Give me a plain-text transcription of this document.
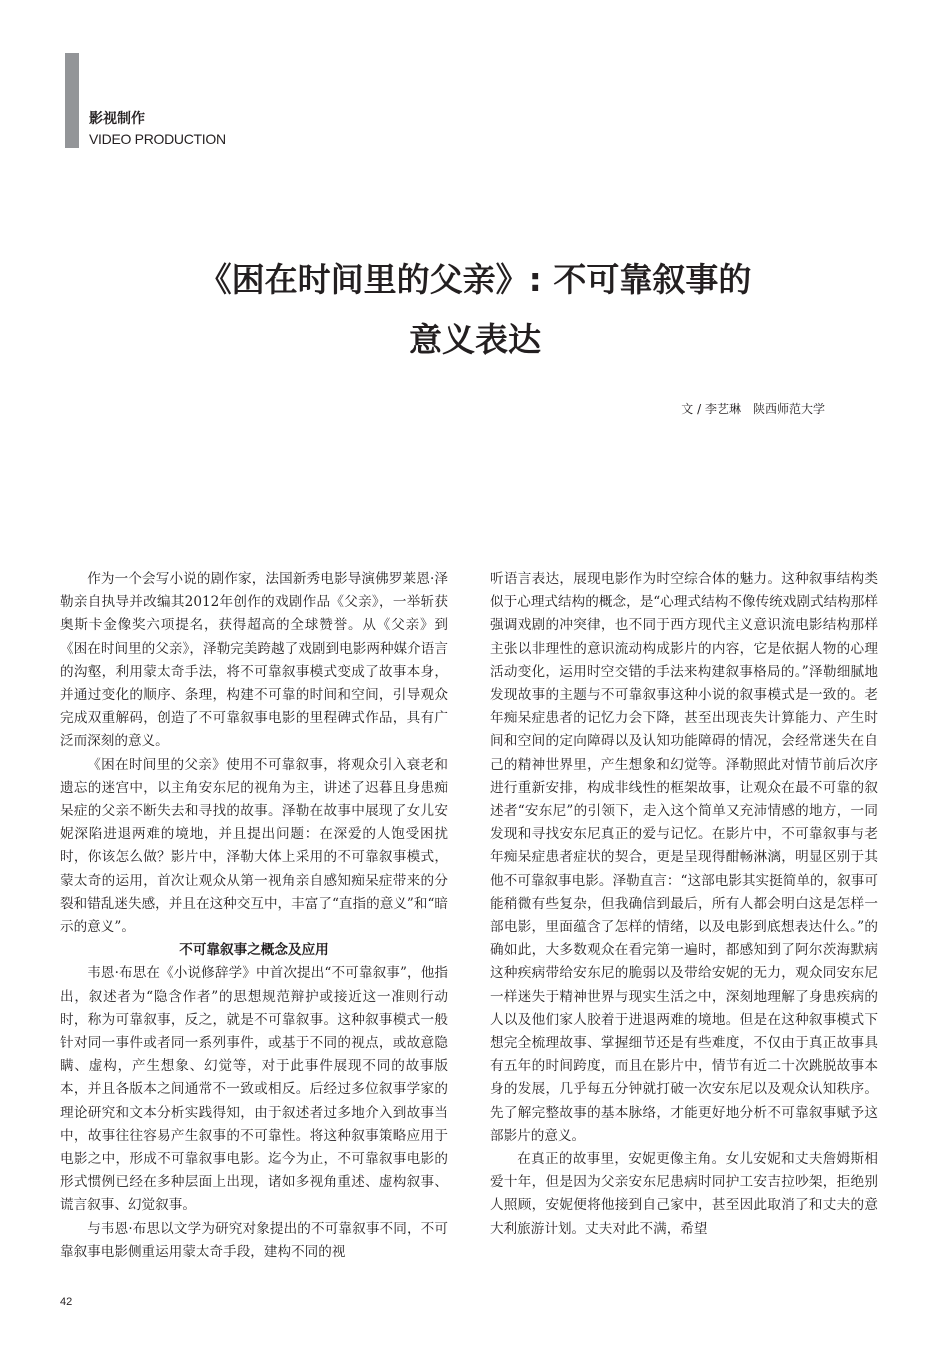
影视制作
VIDEO PRODUCTION
《困在时间里的父亲》: 不可靠叙事的
意义表达
文 / 李艺琳 陕西师范大学

作为一个会写小说的剧作家，法国新秀电影导演佛罗莱恩·泽勒亲自执导并改编其2012年创作的戏剧作品《父亲》，一举斩获奥斯卡金像奖六项提名，获得超高的全球赞誉。从《父亲》到《困在时间里的父亲》，泽勒完美跨越了戏剧到电影两种媒介语言的沟壑，利用蒙太奇手法，将不可靠叙事模式变成了故事本身，并通过变化的顺序、条理，构建不可靠的时间和空间，引导观众完成双重解码，创造了不可靠叙事电影的里程碑式作品，具有广泛而深刻的意义。

《困在时间里的父亲》使用不可靠叙事，将观众引入衰老和遗忘的迷宫中，以主角安东尼的视角为主，讲述了迟暮且身患痴呆症的父亲不断失去和寻找的故事。泽勒在故事中展现了女儿安妮深陷进退两难的境地，并且提出问题：在深爱的人饱受困扰时，你该怎么做？影片中，泽勒大体上采用的不可靠叙事模式，蒙太奇的运用，首次让观众从第一视角亲自感知痴呆症带来的分裂和错乱迷失感，并且在这种交互中，丰富了“直指的意义”和“暗示的意义”。

不可靠叙事之概念及应用

韦恩·布思在《小说修辞学》中首次提出“不可靠叙事”，他指出，叙述者为“隐含作者”的思想规范辩护或接近这一准则行动时，称为可靠叙事，反之，就是不可靠叙事。这种叙事模式一般针对同一事件或者同一系列事件，或基于不同的视点，或故意隐瞒、虚构，产生想象、幻觉等，对于此事件展现不同的故事版本，并且各版本之间通常不一致或相反。后经过多位叙事学家的理论研究和文本分析实践得知，由于叙述者过多地介入到故事当中，故事往往容易产生叙事的不可靠性。将这种叙事策略应用于电影之中，形成不可靠叙事电影。迄今为止，不可靠叙事电影的形式惯例已经在多种层面上出现，诸如多视角重述、虚构叙事、谎言叙事、幻觉叙事。

与韦恩·布思以文学为研究对象提出的不可靠叙事不同，不可靠叙事电影侧重运用蒙太奇手段，建构不同的视

听语言表达，展现电影作为时空综合体的魅力。这种叙事结构类似于心理式结构的概念，是“心理式结构不像传统戏剧式结构那样强调戏剧的冲突律，也不同于西方现代主义意识流电影结构那样主张以非理性的意识流动构成影片的内容，它是依据人物的心理活动变化，运用时空交错的手法来构建叙事格局的。”泽勒细腻地发现故事的主题与不可靠叙事这种小说的叙事模式是一致的。老年痴呆症患者的记忆力会下降，甚至出现丧失计算能力、产生时间和空间的定向障碍以及认知功能障碍的情况，会经常迷失在自己的精神世界里，产生想象和幻觉等。泽勒照此对情节前后次序进行重新安排，构成非线性的框架故事，让观众在最不可靠的叙述者“安东尼”的引领下，走入这个简单又充沛情感的地方，一同发现和寻找安东尼真正的爱与记忆。在影片中，不可靠叙事与老年痴呆症患者症状的契合，更是呈现得酣畅淋漓，明显区别于其他不可靠叙事电影。泽勒直言：“这部电影其实挺简单的，叙事可能稍微有些复杂，但我确信到最后，所有人都会明白这是怎样一部电影，里面蕴含了怎样的情绪，以及电影到底想表达什么。”的确如此，大多数观众在看完第一遍时，都感知到了阿尔茨海默病这种疾病带给安东尼的脆弱以及带给安妮的无力，观众同安东尼一样迷失于精神世界与现实生活之中，深刻地理解了身患疾病的人以及他们家人胶着于进退两难的境地。但是在这种叙事模式下想完全梳理故事、掌握细节还是有些难度，不仅由于真正故事具有五年的时间跨度，而且在影片中，情节有近二十次跳脱故事本身的发展，几乎每五分钟就打破一次安东尼以及观众认知秩序。先了解完整故事的基本脉络，才能更好地分析不可靠叙事赋予这部影片的意义。

在真正的故事里，安妮更像主角。女儿安妮和丈夫詹姆斯相爱十年，但是因为父亲安东尼患病时同护工安吉拉吵架，拒绝别人照顾，安妮便将他接到自己家中，甚至因此取消了和丈夫的意大利旅游计划。丈夫对此不满，希望

42
